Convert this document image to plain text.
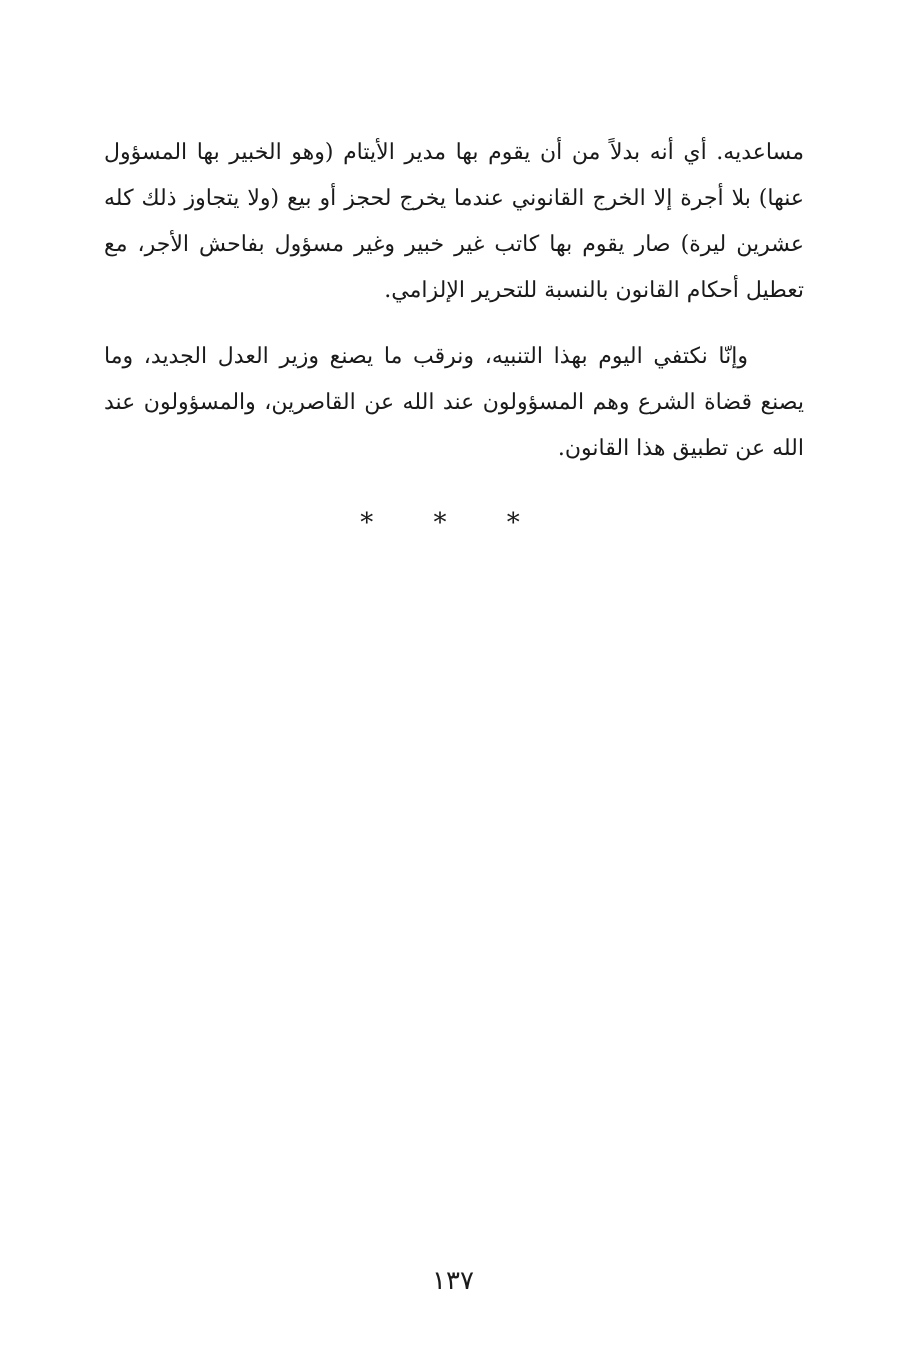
مساعديه. أي أنه بدلاً من أن يقوم بها مدير الأيتام (وهو الخبير بها المسؤول عنها) بلا أجرة إلا الخرج القانوني عندما يخرج لحجز أو بيع (ولا يتجاوز ذلك كله عشرين ليرة) صار يقوم بها كاتب غير خبير وغير مسؤول بفاحش الأجر، مع تعطيل أحكام القانون بالنسبة للتحرير الإلزامي.

وإنّا نكتفي اليوم بهذا التنبيه، ونرقب ما يصنع وزير العدل الجديد، وما يصنع قضاة الشرع وهم المسؤولون عند الله عن القاصرين، والمسؤولون عند الله عن تطبيق هذا القانون.

* * *
١٣٧
